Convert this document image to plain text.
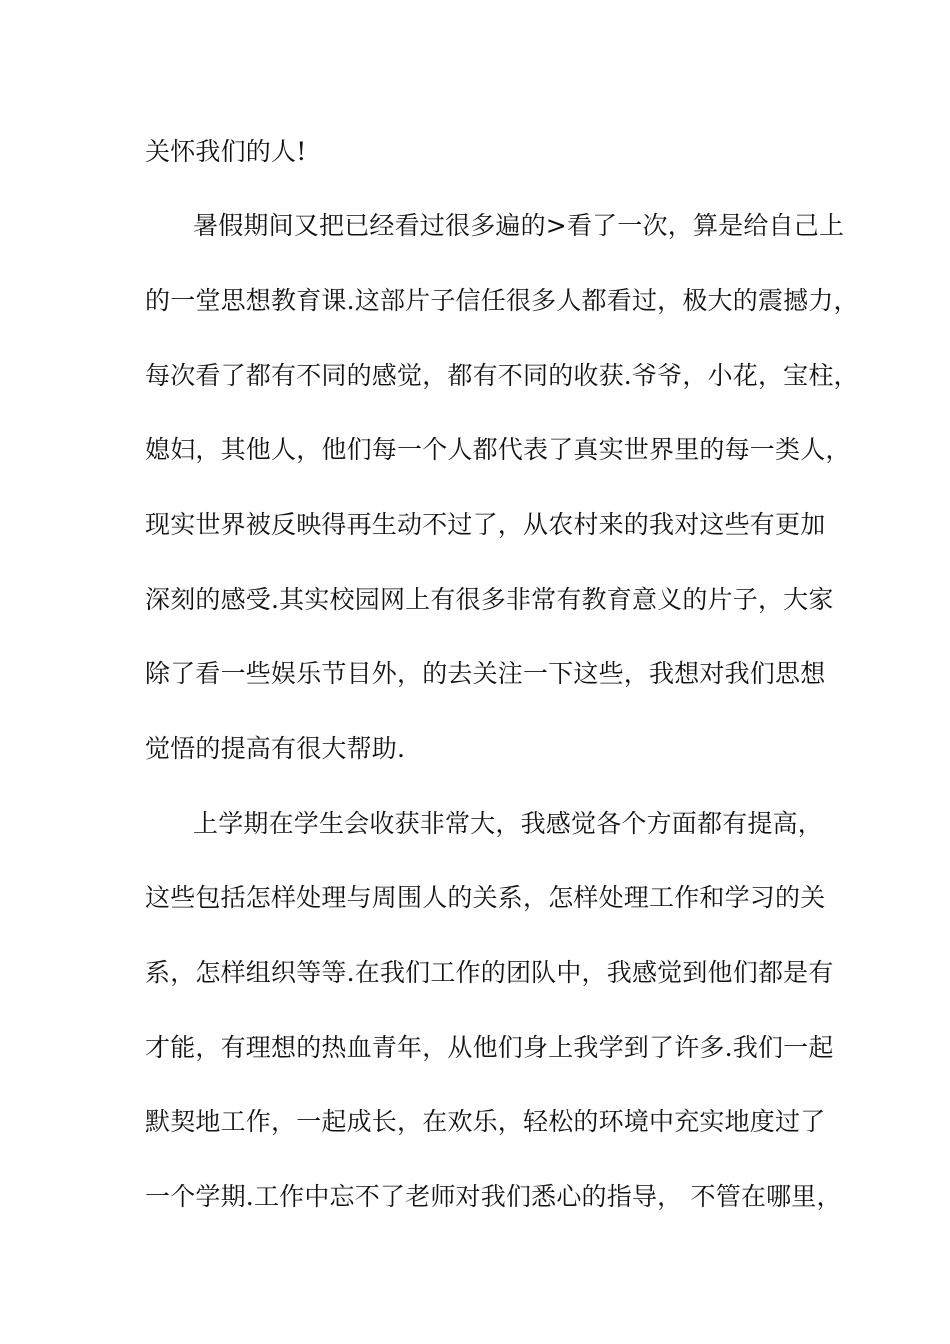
关怀我们的人!
暑假期间又把已经看过很多遍的>看了一次，算是给自己上
的一堂思想教育课.这部片子信任很多人都看过，极大的震撼力，
每次看了都有不同的感觉，都有不同的收获.爷爷，小花，宝柱，
媳妇，其他人，他们每一个人都代表了真实世界里的每一类人，
现实世界被反映得再生动不过了，从农村来的我对这些有更加
深刻的感受.其实校园网上有很多非常有教育意义的片子，大家
除了看一些娱乐节目外，的去关注一下这些，我想对我们思想
觉悟的提高有很大帮助.
上学期在学生会收获非常大，我感觉各个方面都有提高，
这些包括怎样处理与周围人的关系，怎样处理工作和学习的关
系，怎样组织等等.在我们工作的团队中，我感觉到他们都是有
才能，有理想的热血青年，从他们身上我学到了许多.我们一起
默契地工作，一起成长，在欢乐，轻松的环境中充实地度过了
一个学期.工作中忘不了老师对我们悉心的指导， 不管在哪里，
